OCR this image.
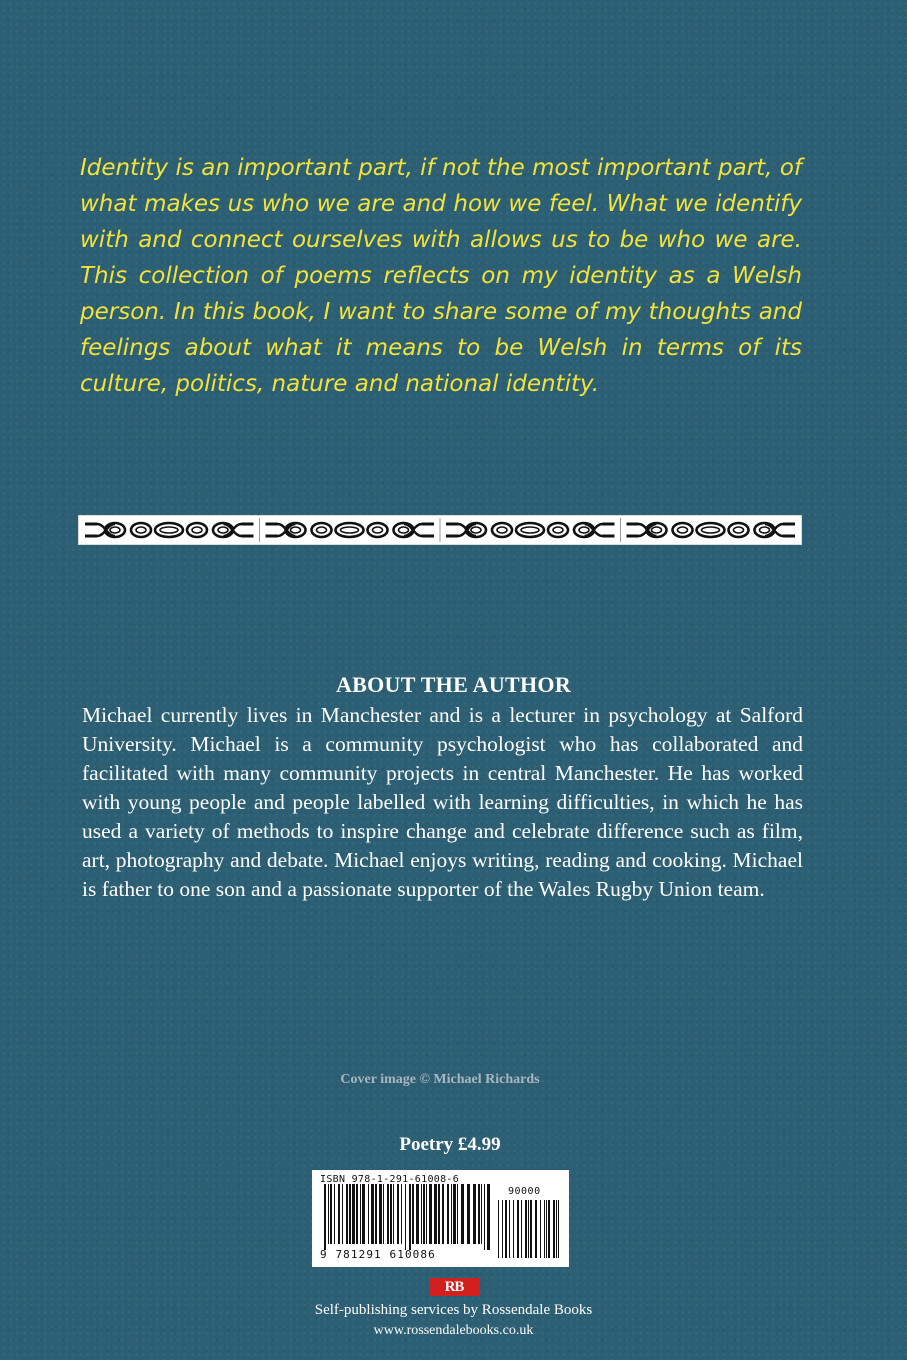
Identity is an important part, if not the most important part, of what makes us who we are and how we feel. What we identify with and connect ourselves with allows us to be who we are. This collection of poems reflects on my identity as a Welsh person. In this book, I want to share some of my thoughts and feelings about what it means to be Welsh in terms of its culture, politics, nature and national identity.

ABOUT THE AUTHOR

Michael currently lives in Manchester and is a lecturer in psychology at Salford University. Michael is a community psychologist who has collaborated and facilitated with many community projects in central Manchester. He has worked with young people and people labelled with learning difficulties, in which he has used a variety of methods to inspire change and celebrate difference such as film, art, photography and debate. Michael enjoys writing, reading and cooking. Michael is father to one son and a passionate supporter of the Wales Rugby Union team.

Cover image © Michael Richards
Poetry £4.99
ISBN 978-1-291-61008-6
90000
9 781291 610086
RB
Self-publishing services by Rossendale Books
www.rossendalebooks.co.uk
